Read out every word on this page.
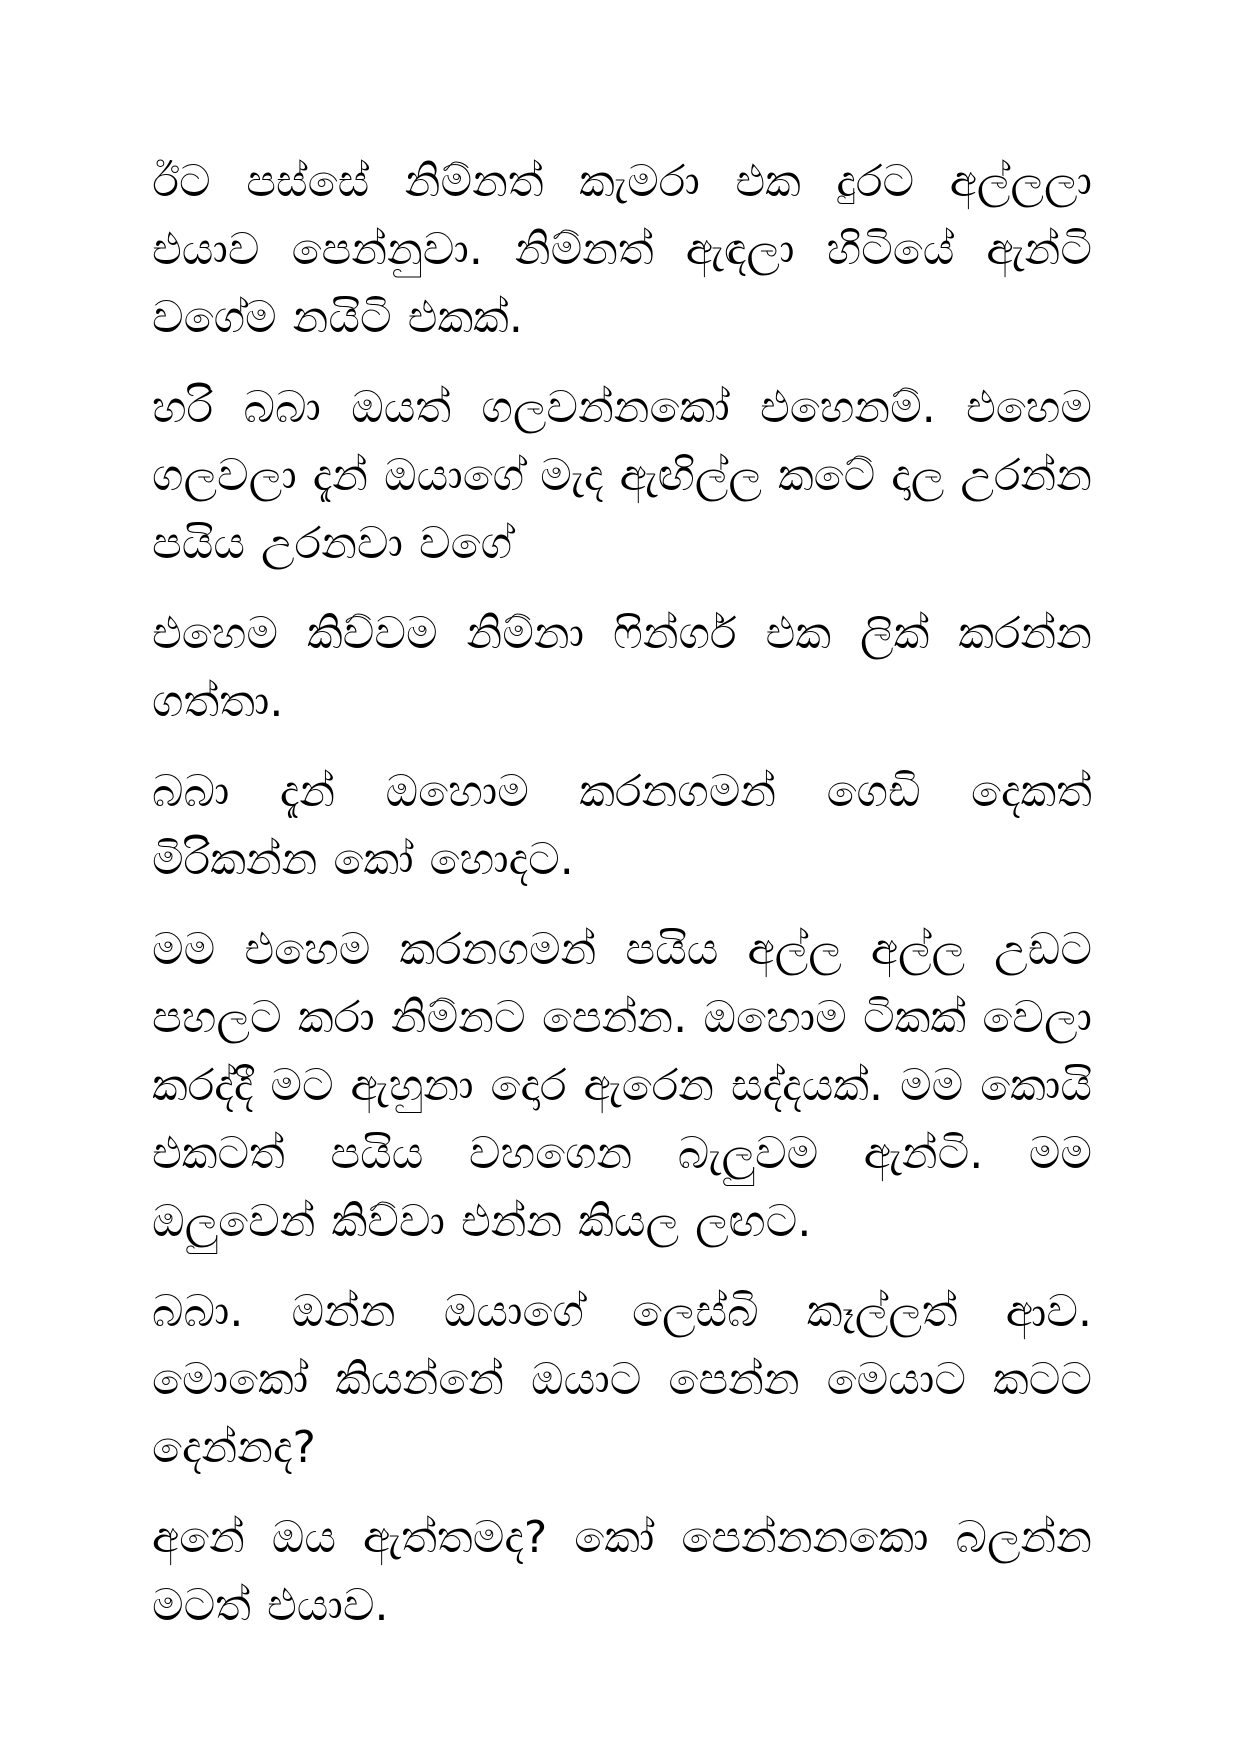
ඊට පස්සේ නිම්නත් කැමරා එක දුරට අල්ලලා එයාව පෙන්නුවා. නිම්නත් ඇඳලා හිටියේ ඇන්ටි වගේම නයිටි එකක්.

හරි බබා ඔයත් ගලවන්නකෝ එහෙනම්. එහෙම ගලවලා දැන් ඔයාගේ මැද ඇඟිල්ල කටේ දාල උරන්න පයිය උරනවා වගේ

එහෙම කිව්වම නිම්නා ෆින්ගර් එක ලික් කරන්න ගත්තා.

බබා දැන් ඔහොම කරනගමන් ගෙඩි දෙකත් මිරිකන්න කෝ හොදට.

මම එහෙම කරනගමන් පයිය අල්ල අල්ල උඩට පහලට කරා නිම්නට පෙන්න. ඔහොම ටිකක් වෙලා කරද්දී මට ඇහුනා දොර ඇරෙන සද්දයක්. මම කොයි එකටත් පයිය වහගෙන බැලුවම ඇන්ටි. මම ඔලුවෙන් කිව්වා එන්න කියල ලඟට.

බබා. ඔන්න ඔයාගේ ලෙස්බි කෑල්ලත් ආව. මොකෝ කියන්නේ ඔයාට පෙන්න මෙයාට කටට දෙන්නද?

අනේ ඔය ඇත්තමද? කෝ පෙන්නනකො බලන්න මටත් එයාව.
